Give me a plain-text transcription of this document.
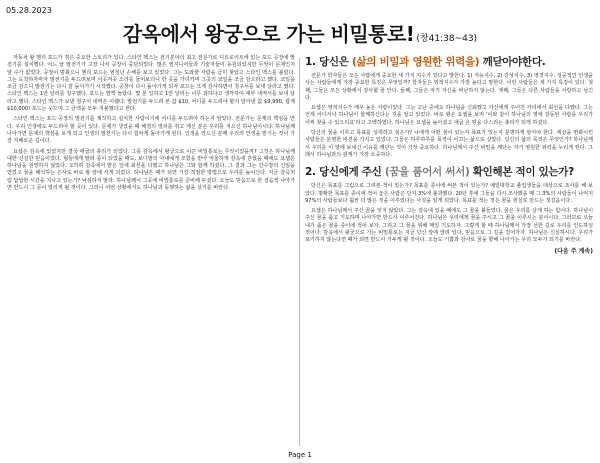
05.28.2023
감옥에서 왕궁으로 가는 비밀통로! (창41:38~43)

자동차 왕 헨리 포드가 겪은 중요한 스토리가 있다. 스타인 멕스는 전기분야의 최고 전문가로 디트로이트에 있는 포드 공장에 발전기를 설치했다. 어느 날 발전기가 고장 나서 공장이 중단되었다. 많은 엔지니어들과 기술자들이 동원되었지만 무엇이 문제인지 알 수가 없었다. 공장이 멈췄으니 헨리 포드는 엄청난 손해를 보고 있었다. 그는 도와줄 사람을 급히 찾았고 스타인 멕스를 불렀다. 그는 도착하자마자 발전기를 두드려보며 이곳저곳 소리를 들어보더니 한 곳을 가리키며 그곳의 코일을 조금 감으라고 했다. 코일을 조금 감으니 발전기는 다시 잘 돌아가기 시작했다. 공장이 다시 돌아가게 되자 포드는 크게 감사하면서 청구서를 보내 달라고 했다. 스타인 멕스는 1만 달러를 청구했다. 포드는 깜짝 놀랐다. 몇 분 일하고 1만 달러는 너무 과하다고 생각하여 세부 내역서를 보내 달라고 했다. 스타인 멕스가 보낸 청구서 내역은 이랬다. 발전기를 두드려 본 값 $10, 어디를 두드려야 할지 알아낸 값 $9,990, 합계 $10,000! 포드는 웃으며 그 금액을 모두 지불했다고 한다.

스타인 멕스는 포드 공장의 발전기를 제작하고 설치한 사람이기에 어디를 두드려야 하는지 알았다. 전문가는 문제의 핵심을 안다. 우리 인생에도 두드려야 할 곳이 있다. 문제가 생겼을 때 해결의 열쇠를 쥐고 계신 분은 우리를 지으신 하나님이시다. 하나님께 나아가면 문제의 핵심을 보게 되고 인생의 발전기는 다시 힘차게 돌아가게 된다. 인생을 만드신 분께 우리의 인생을 맡기는 것이 가장 지혜로운 길이다.

요셉은 감옥에 있었지만 결국 애굽의 총리가 되었다. 그를 감옥에서 왕궁으로 이끈 비밀통로는 무엇이었을까? 그것은 하나님께 대한 신실한 믿음이었다. 형들에게 팔려 종이 되었을 때도, 보디발의 아내에게 모함을 받아 억울하게 감옥에 갇혔을 때에도 요셉은 하나님을 원망하지 않았다. 오히려 감옥에서 맡은 일에 최선을 다했고 하나님은 그와 함께 하셨다. 그 결과 그는 간수장의 신임을 얻었고 꿈을 해석하는 은사로 바로 왕 앞에 서게 되었다. 하나님은 때가 되면 가장 적절한 방법으로 우리를 높이신다. 지금 감옥처럼 답답한 시간을 지나고 있는가? 낙심하지 말라. 하나님께서 그곳에 비밀통로를 준비해 두셨다. 오늘도 믿음으로 한 걸음씩 나아가면 반드시 그 문이 열리게 될 것이다. 그러니 어떤 상황에서도 하나님과 동행하는 삶을 살기를 바란다.

1. 당신은 (삶의 비밀과 영원한 위력을) 깨닫아야한다.

전문가 학자들은 모든 사람에게 중요한 세 가지 지수가 있다고 말한다. 1) 지능지수, 2) 감성지수, 3) 영적지수. 성공적인 인생을 사는 사람들에게 가장 중요한 특징은 무엇일까? 학자들은 영적지수가 가장 높다고 말한다. 이런 사람들은 세 가지 특징이 있다. 첫째, 그들은 모든 상황에서 감사할 줄 안다. 둘째, 그들은 자기 자신을 비난하지 않는다. 셋째, 그들은 다른 사람들을 사랑하고 섬긴다.

요셉은 영적지수가 매우 높은 사람이었다. 그는 고난 중에도 하나님을 신뢰했고 자신에게 주어진 자리에서 최선을 다했다. 그는 언제 어디서나 하나님이 함께하신다는 것을 알고 있었다. 바로 왕은 요셉을 보며 '이와 같이 하나님의 영에 감동된 사람을 우리가 어찌 찾을 수 있으리요'라고 고백하였다. 하나님은 요셉을 높이셨고 애굽 온 땅을 다스리는 총리가 되게 하셨다.

당신의 꿈을 이루고 목표를 성취하고 싶은가? 나에게 어떤 꿈이 있는지 목표가 있는지 분명하게 알아야 한다. 세상을 변화시킨 사람들은 분명한 비전을 가지고 있었다. 그들은 하루하루를 목적이 이끄는 삶으로 살았다. 당신의 삶의 목적은 무엇인가? 하나님께서 우리를 이 땅에 보내신 이유를 깨닫는 것이 가장 중요하다. 하나님께서 주신 비밀을 깨닫는 자가 영원한 위력을 누리게 된다. 그래서 하나님과의 관계가 가장 소중하다.

2. 당신에게 주신 (꿈을 품어서 써서) 확인해본 적이 있는가?

당신은 목표를 그림으로 그려본 적이 있는가? 목표를 종이에 써본 적이 있는가? 예일대학교 졸업생들을 대상으로 조사를 해 보았다. 명확한 목표를 종이에 적어 놓은 사람은 단지 3%에 불과했다. 20년 후에 그들을 다시 조사했을 때 그 3%의 사람들이 나머지 97%의 사람들보다 훨씬 더 많은 것을 이루었다는 사실을 알게 되었다. 목표를 적는 것은 꿈을 현실로 만드는 첫걸음이다.

요셉은 하나님께서 주신 꿈을 잊지 않았다. 그는 감옥에 있을 때에도 그 꿈을 붙들었다. 꿈은 우리를 살게 하는 힘이다. 하나님이 주신 꿈을 품고 기도하며 나아가면 반드시 이루어진다. 하나님은 우리에게 꿈을 주시고 그 꿈을 이루시는 분이시다. 그러므로 오늘 내가 품은 꿈을 종이에 적어 보자. 그리고 그 꿈을 위해 매일 기도하자. 그렇게 할 때 하나님께서 가장 선한 길로 우리를 인도하실 것이다. 감옥에서 왕궁으로 가는 비밀통로는 지금 당신 앞에 열려 있다. 믿음으로 그 길을 걸어가자. 하나님은 신실하시다. 우리가 포기하지 않는다면 때가 되면 반드시 거두게 될 것이다. 오늘도 기쁨과 감사로 꿈을 향해 나아가는 우리 모두가 되기를 바란다.

(다음 주 계속)
Page 1
